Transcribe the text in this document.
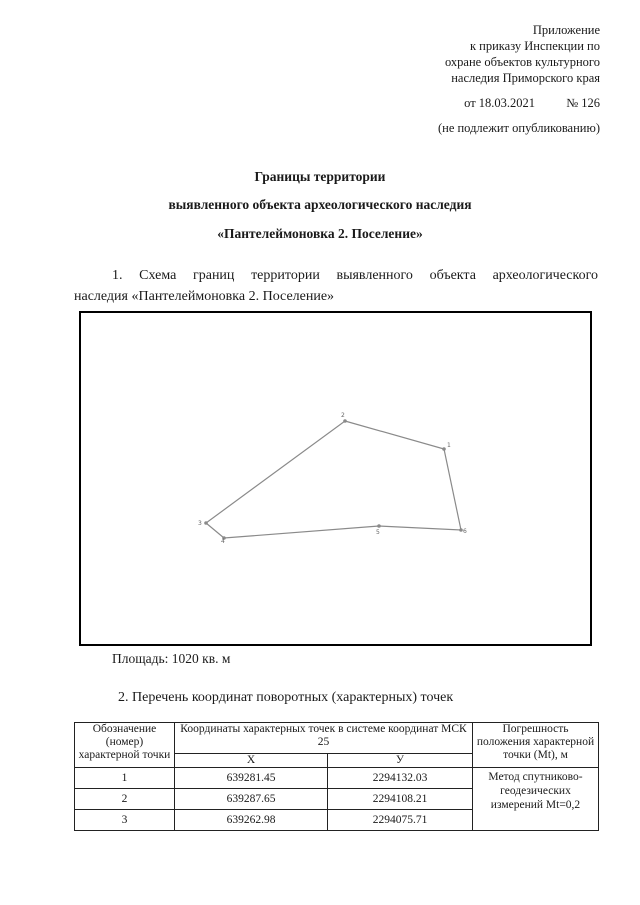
Приложение
к приказу Инспекции по
охране объектов культурного
наследия Приморского края
от 18.03.2021 № 126
(не подлежит опубликованию)
Границы территории
выявленного объекта археологического наследия
«Пантелеймоновка 2. Поселение»
1. Схема границ территории выявленного объекта археологического
наследия «Пантелеймоновка 2. Поселение»
1
2
3
4
5	6
Площадь: 1020 кв. м
2. Перечень координат поворотных (характерных) точек
Обозначение (номер) характерной точки	Координаты характерных точек в системе координат МСК 25		Погрешность положения характерной точки (Mt), м
	X	У	
1	639281.45	2294132.03	Метод спутниково-геодезических измерений Mt=0,2
2	639287.65	2294108.21	
3	639262.98	2294075.71	
